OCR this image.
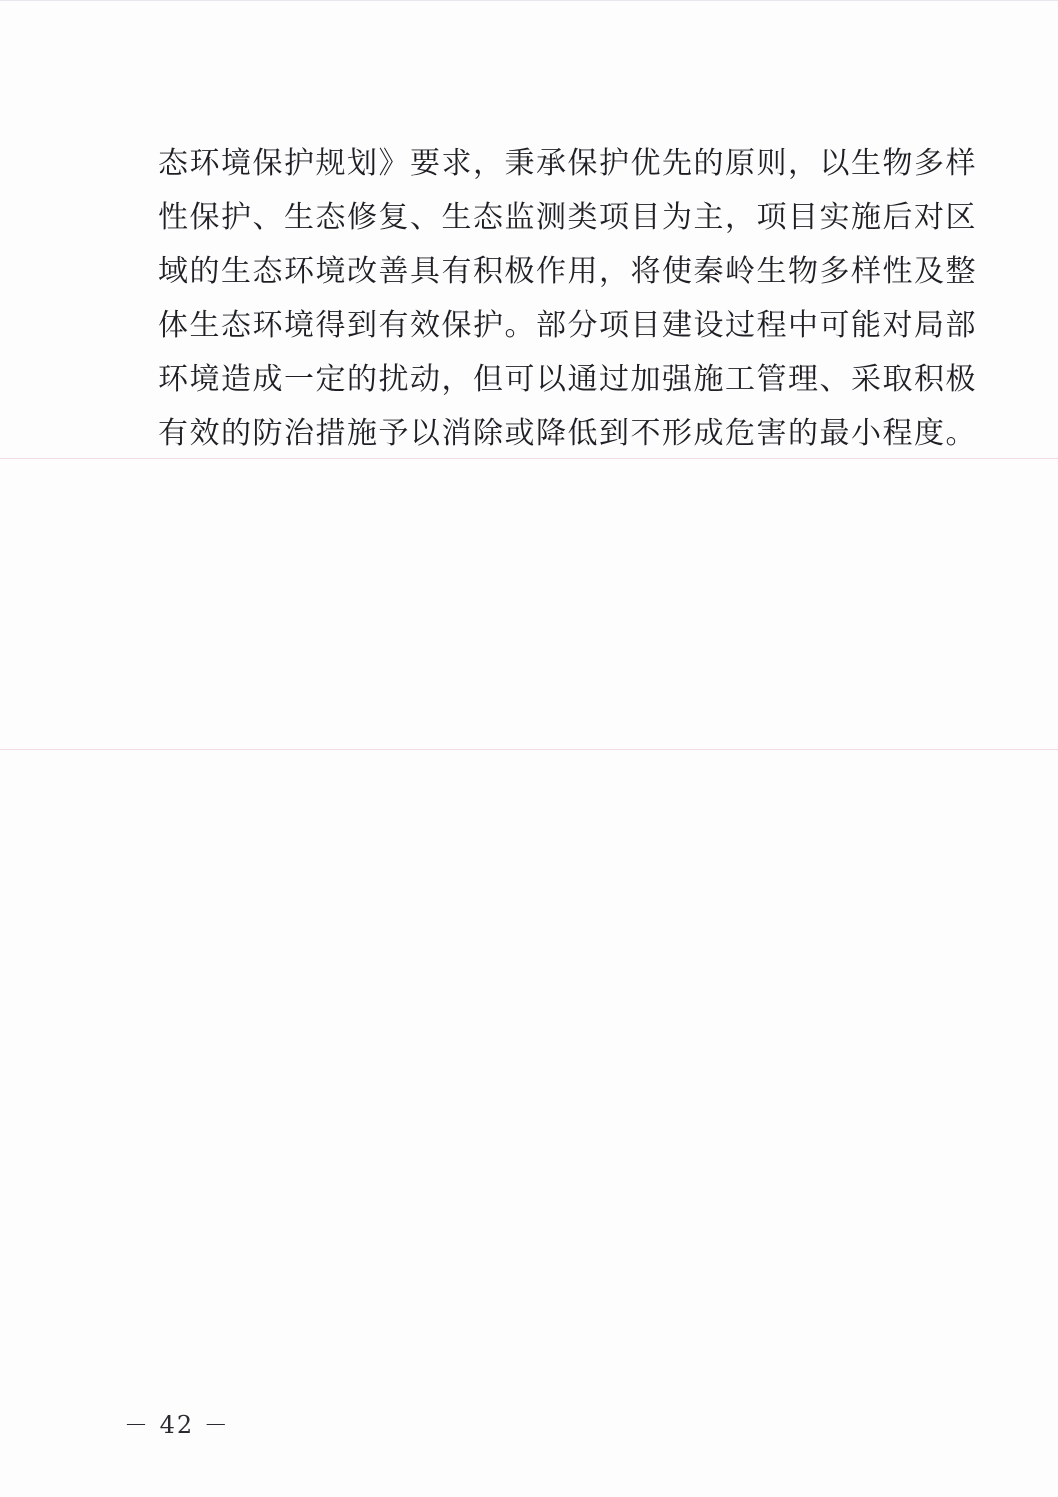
态环境保护规划》要求，秉承保护优先的原则，以生物多样
性保护、生态修复、生态监测类项目为主，项目实施后对区
域的生态环境改善具有积极作用，将使秦岭生物多样性及整
体生态环境得到有效保护。部分项目建设过程中可能对局部
环境造成一定的扰动，但可以通过加强施工管理、采取积极
有效的防治措施予以消除或降低到不形成危害的最小程度。
－ 42 －
